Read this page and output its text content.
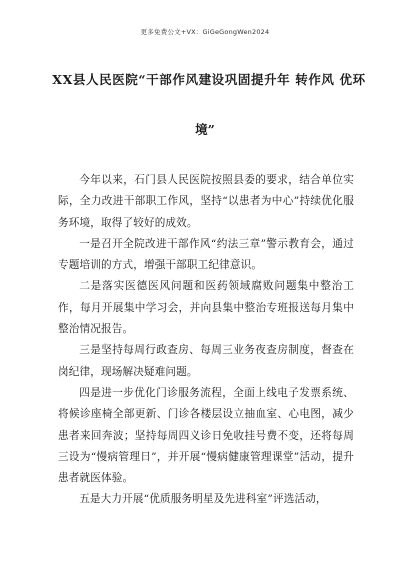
更多免费公文+VX：GiGeGongWen2024
XX县人民医院“干部作风建设巩固提升年 转作风 优环
境”

今年以来，石门县人民医院按照县委的要求，结合单位实际，全力改进干部职工作风，坚持“以患者为中心”持续优化服务环境，取得了较好的成效。

一是召开全院改进干部作风“约法三章”警示教育会，通过专题培训的方式，增强干部职工纪律意识。

二是落实医德医风问题和医药领域腐败问题集中整治工作，每月开展集中学习会，并向县集中整治专班报送每月集中整治情况报告。

三是坚持每周行政查房、每周三业务夜查房制度，督查在岗纪律，现场解决疑难问题。

四是进一步优化门诊服务流程，全面上线电子发票系统、将候诊座椅全部更新、门诊各楼层设立抽血室、心电图，减少患者来回奔波；坚持每周四义诊日免收挂号费不变，还将每周三设为“慢病管理日”，并开展“慢病健康管理课堂”活动，提升患者就医体验。

五是大力开展“优质服务明星及先进科室”评选活动，
